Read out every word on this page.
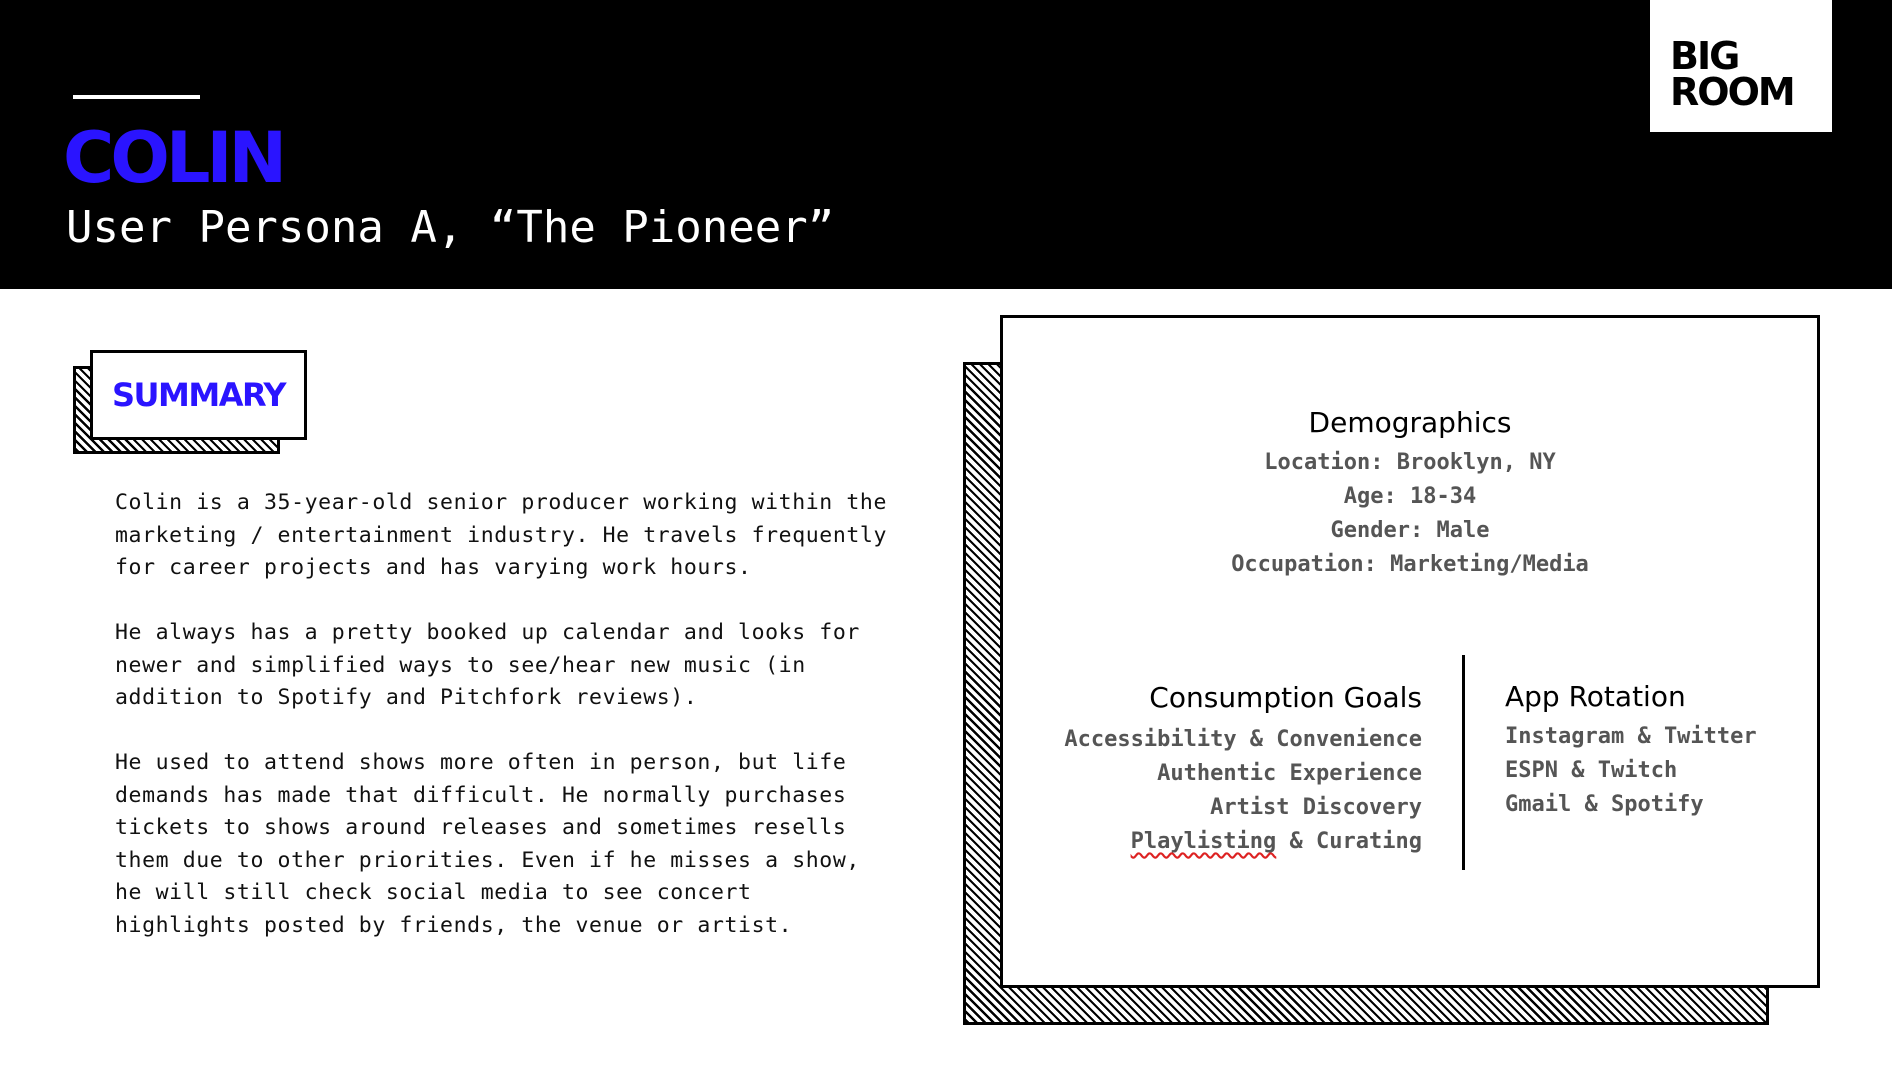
COLIN
User Persona A, “The Pioneer”
BIG
ROOM
SUMMARY

Colin is a 35-year-old senior producer working within the marketing / entertainment industry. He travels frequently for career projects and has varying work hours.

He always has a pretty booked up calendar and looks for newer and simplified ways to see/hear new music (in addition to Spotify and Pitchfork reviews).

He used to attend shows more often in person, but life demands has made that difficult. He normally purchases tickets to shows around releases and sometimes resells them due to other priorities. Even if he misses a show, he will still check social media to see concert highlights posted by friends, the venue or artist.

Demographics
Location: Brooklyn, NY
Age: 18-34
Gender: Male
Occupation: Marketing/Media
Consumption Goals
Accessibility & Convenience
Authentic Experience
Artist Discovery
Playlisting & Curating
App Rotation
Instagram & Twitter
ESPN & Twitch
Gmail & Spotify
